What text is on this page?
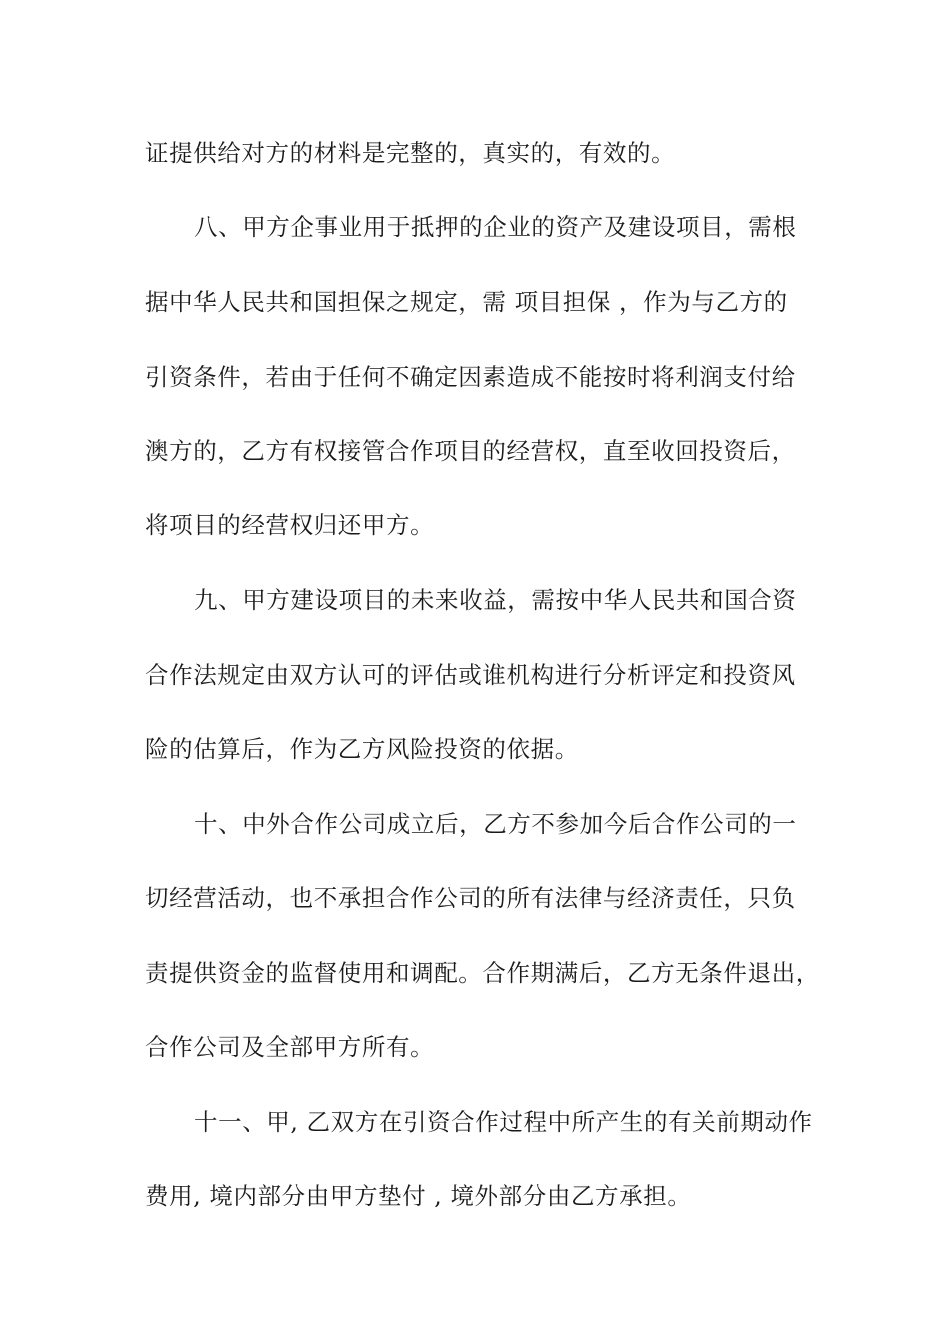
证提供给对方的材料是完整的，真实的，有效的。

八、甲方企事业用于抵押的企业的资产及建设项目，需根

据中华人民共和国担保之规定，需 项目担保 ，作为与乙方的

引资条件，若由于任何不确定因素造成不能按时将利润支付给

澳方的，乙方有权接管合作项目的经营权，直至收回投资后，

将项目的经营权归还甲方。

九、甲方建设项目的未来收益，需按中华人民共和国合资

合作法规定由双方认可的评估或谁机构进行分析评定和投资风

险的估算后，作为乙方风险投资的依据。

十、中外合作公司成立后，乙方不参加今后合作公司的一

切经营活动，也不承担合作公司的所有法律与经济责任，只负

责提供资金的监督使用和调配。合作期满后，乙方无条件退出，

合作公司及全部甲方所有。

十一、甲, 乙双方在引资合作过程中所产生的有关前期动作

费用, 境内部分由甲方垫付 , 境外部分由乙方承担。
